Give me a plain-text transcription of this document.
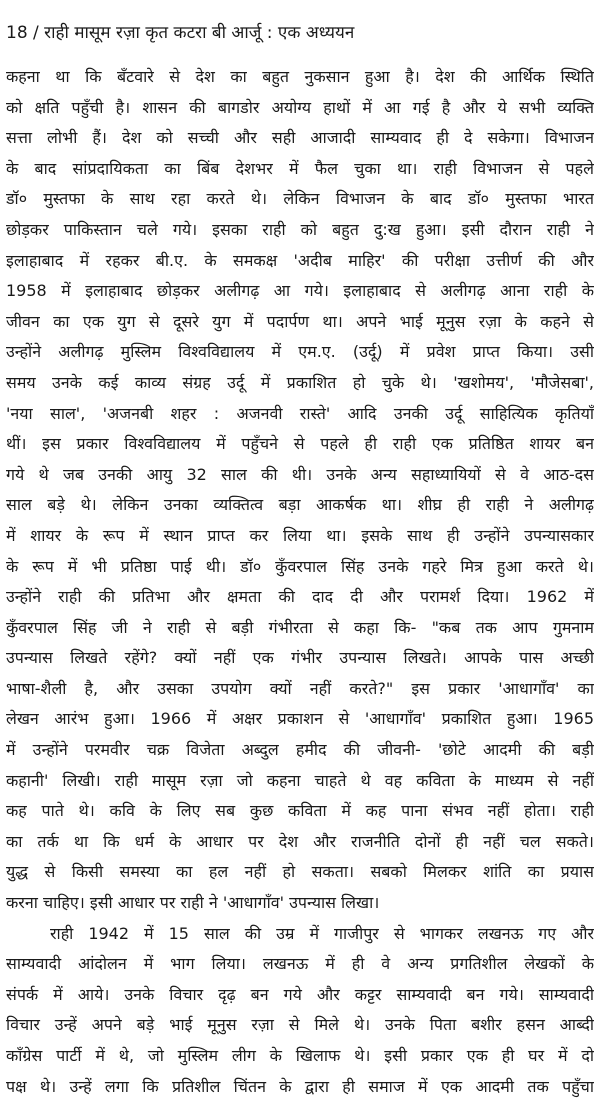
18 / राही मासूम रज़ा कृत कटरा बी आर्जू : एक अध्ययन
कहना था कि बँटवारे से देश का बहुत नुकसान हुआ है। देश की आर्थिक स्थिति
को क्षति पहुँची है। शासन की बागडोर अयोग्य हाथों में आ गई है और ये सभी व्यक्ति
सत्ता लोभी हैं। देश को सच्ची और सही आजादी साम्यवाद ही दे सकेगा। विभाजन
के बाद सांप्रदायिकता का बिंब देशभर में फैल चुका था। राही विभाजन से पहले
डॉ० मुस्तफा के साथ रहा करते थे। लेकिन विभाजन के बाद डॉ० मुस्तफा भारत
छोड़कर पाकिस्तान चले गये। इसका राही को बहुत दु:ख हुआ। इसी दौरान राही ने
इलाहाबाद में रहकर बी.ए. के समकक्ष 'अदीब माहिर' की परीक्षा उत्तीर्ण की और
1958 में इलाहाबाद छोड़कर अलीगढ़ आ गये। इलाहाबाद से अलीगढ़ आना राही के
जीवन का एक युग से दूसरे युग में पदार्पण था। अपने भाई मूनुस रज़ा के कहने से
उन्होंने अलीगढ़ मुस्लिम विश्वविद्यालय में एम.ए. (उर्दू) में प्रवेश प्राप्त किया। उसी
समय उनके कई काव्य संग्रह उर्दू में प्रकाशित हो चुके थे। 'खशोमय', 'मौजेसबा',
'नया साल', 'अजनबी शहर : अजनवी रास्ते' आदि उनकी उर्दू साहित्यिक कृतियाँ
थीं। इस प्रकार विश्वविद्यालय में पहुँचने से पहले ही राही एक प्रतिष्ठित शायर बन
गये थे जब उनकी आयु 32 साल की थी। उनके अन्य सहाध्यायियों से वे आठ-दस
साल बड़े थे। लेकिन उनका व्यक्तित्व बड़ा आकर्षक था। शीघ्र ही राही ने अलीगढ़
में शायर के रूप में स्थान प्राप्त कर लिया था। इसके साथ ही उन्होंने उपन्यासकार
के रूप में भी प्रतिष्ठा पाई थी। डॉ० कुँवरपाल सिंह उनके गहरे मित्र हुआ करते थे।
उन्होंने राही की प्रतिभा और क्षमता की दाद दी और परामर्श दिया। 1962 में
कुँवरपाल सिंह जी ने राही से बड़ी गंभीरता से कहा कि- "कब तक आप गुमनाम
उपन्यास लिखते रहेंगे? क्यों नहीं एक गंभीर उपन्यास लिखते। आपके पास अच्छी
भाषा-शैली है, और उसका उपयोग क्यों नहीं करते?" इस प्रकार 'आधागाँव' का
लेखन आरंभ हुआ। 1966 में अक्षर प्रकाशन से 'आधागाँव' प्रकाशित हुआ। 1965
में उन्होंने परमवीर चक्र विजेता अब्दुल हमीद की जीवनी- 'छोटे आदमी की बड़ी
कहानी' लिखी। राही मासूम रज़ा जो कहना चाहते थे वह कविता के माध्यम से नहीं
कह पाते थे। कवि के लिए सब कुछ कविता में कह पाना संभव नहीं होता। राही
का तर्क था कि धर्म के आधार पर देश और राजनीति दोनों ही नहीं चल सकते।
युद्ध से किसी समस्या का हल नहीं हो सकता। सबको मिलकर शांति का प्रयास
करना चाहिए। इसी आधार पर राही ने 'आधागाँव' उपन्यास लिखा।
राही 1942 में 15 साल की उम्र में गाजीपुर से भागकर लखनऊ गए और
साम्यवादी आंदोलन में भाग लिया। लखनऊ में ही वे अन्य प्रगतिशील लेखकों के
संपर्क में आये। उनके विचार दृढ़ बन गये और कट्टर साम्यवादी बन गये। साम्यवादी
विचार उन्हें अपने बड़े भाई मूनुस रज़ा से मिले थे। उनके पिता बशीर हसन आब्दी
कॉंग्रेस पार्टी में थे, जो मुस्लिम लीग के खिलाफ थे। इसी प्रकार एक ही घर में दो
पक्ष थे। उन्हें लगा कि प्रतिशील चिंतन के द्वारा ही समाज में एक आदमी तक पहुँचा
